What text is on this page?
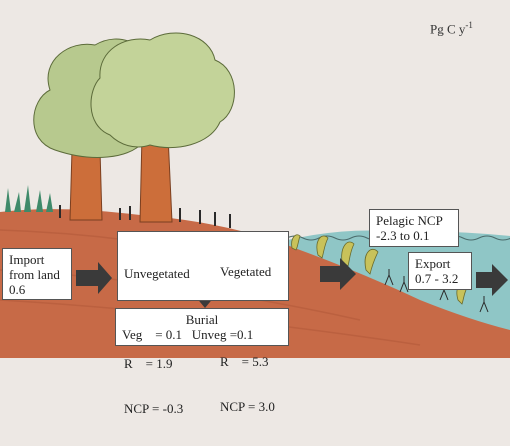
Pg C $y^{-1}$
Import
from land
0.6

Unvegetated

R    = 1.9

NCP = -0.3

Vegetated

R    = 5.3

NCP = 3.0

Burial
Veg    = 0.1   Unveg =0.1
Pelagic NCP
-2.3 to 0.1
Export
0.7 - 3.2
